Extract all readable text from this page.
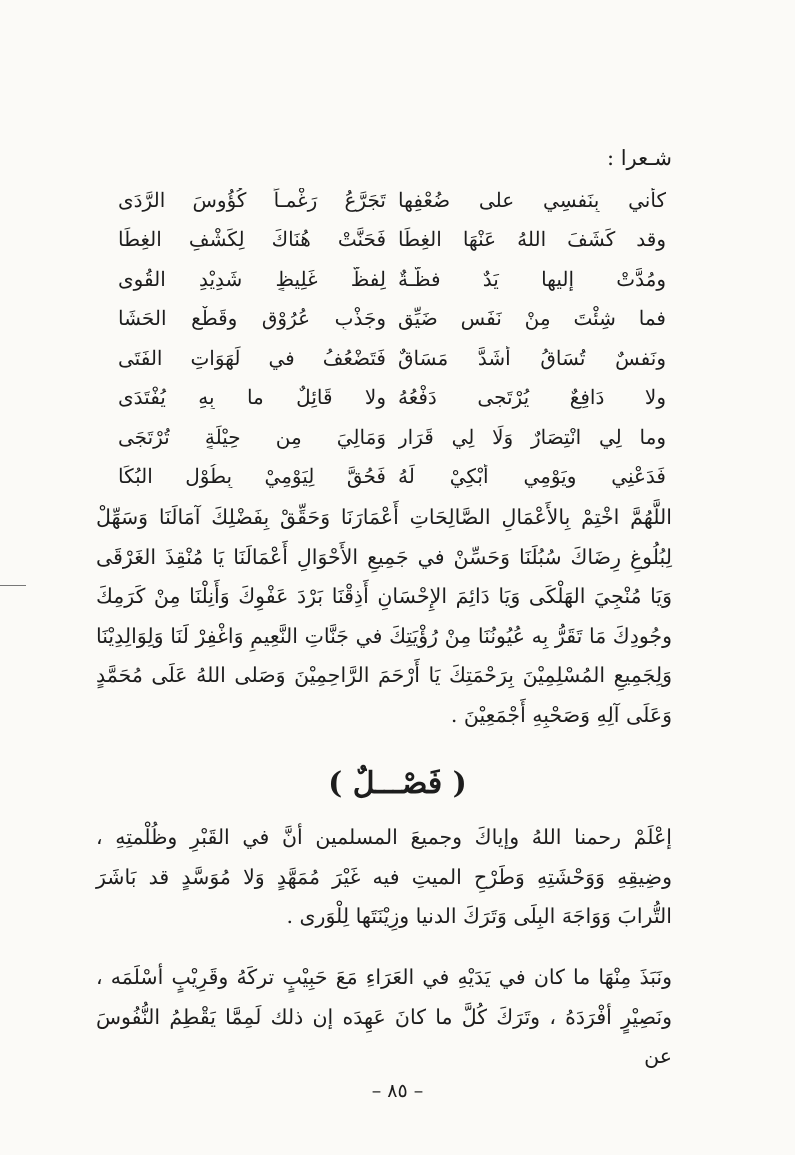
شـعرا :
كأني بِنَفسِي على ضُعْفِها
تَجَرَّعُ رَغْمـاً كُؤُوسَ الرَّدَى
وقد كَشَفَ اللهُ عَنْهَا الغِطَا
فَحَنَّتْ هُنَاكَ لِكَشْفِ الغِطَا
ومُدَّتْ إليها يَدٌ فظَّـةٌ
لِفظٌّ غَلِيظٍ شَدِيْدِ القُوى
فما شِئْتَ مِنْ نَفَسٍ ضَيِّقٍ
وجَذْبِ عُرُوْقٍ وقَطْعِ الحَشَا
ونَفسٌ تُسَاقُ أشَدَّ مَسَاقٌ
فَتَضْعُفُ في لَهَوَاتِ الفَتَى
ولا دَافِعٌ يُرْتَجى دَفْعُهُ
ولا قَائِلٌ ما بِهِ يُفْتَدَى
وما لِي انْتِصَارٌ وَلَا لِي قَرَار
وَمَالِيَ مِن حِيْلَةٍ تُرْتَجَى
فَدَعْنِي ويَوْمِي أبْكِيْ لَهُ
فَحُقَّ لِيَوْمِيْ بِطُوْلِ البُكَا
اللَّهُمَّ اخْتِمْ بِالأَعْمَالِ الصَّالِحَاتِ أَعْمَارَنَا وَحَقِّقْ بِفَضْلِكَ آمَالَنَا وَسَهِّلْ لِبُلُوغِ رِضَاكَ سُبُلَنَا وَحَسِّنْ في جَمِيعِ الأَحْوَالِ أَعْمَالَنَا يَا مُنْقِذَ الغَرْقَى وَيَا مُنْجِيَ الهَلْكَى وَيَا دَائِمَ الإِحْسَانِ أَذِقْنَا بَرْدَ عَفْوِكَ وَأَنِلْنَا مِنْ كَرَمِكَ وجُودِكَ مَا تَقَرُّ بِه عُيُونُنَا مِنْ رُؤْيَتِكَ في جَنَّاتِ النَّعِيمِ وَاغْفِرْ لَنَا وَلِوَالِدِيْنَا وَلِجَمِيعِ المُسْلِمِيْنَ بِرَحْمَتِكَ يَا أَرْحَمَ الرَّاحِمِيْنَ وَصَلى اللهُ عَلَى مُحَمَّدٍ وَعَلَى آلِهِ وَصَحْبِهِ أَجْمَعِيْنَ .
( فَصْـــلٌ )
إعْلَمْ رحمنا اللهُ وإياكَ وجميعَ المسلمين أنَّ في القَبْرِ وظُلْمتِهِ ، وضِيقِهِ وَوَحْشَتِهِ وَطَرْحِ الميتِ فيه غَيْرَ مُمَهَّدٍ وَلا مُوَسَّدٍ قد بَاشَرَ التُّرابَ وَوَاجَهَ البِلَى وَتَرَكَ الدنيا وزِيْنَتَها لِلْوَرى .
ونَبَذَ مِنْهَا ما كان في يَدَيْهِ في العَرَاءِ مَعَ حَبِيْبٍ تركَهُ وقَرِيْبٍ أسْلَمَه ، ونَصِيْرٍ أفْرَدَهُ ، وتَرَكَ كُلَّ ما كانَ عَهِدَه إن ذلك لَمِمَّا يَقْطِمُ النُّفُوسَ عن
– ٨٥ –
